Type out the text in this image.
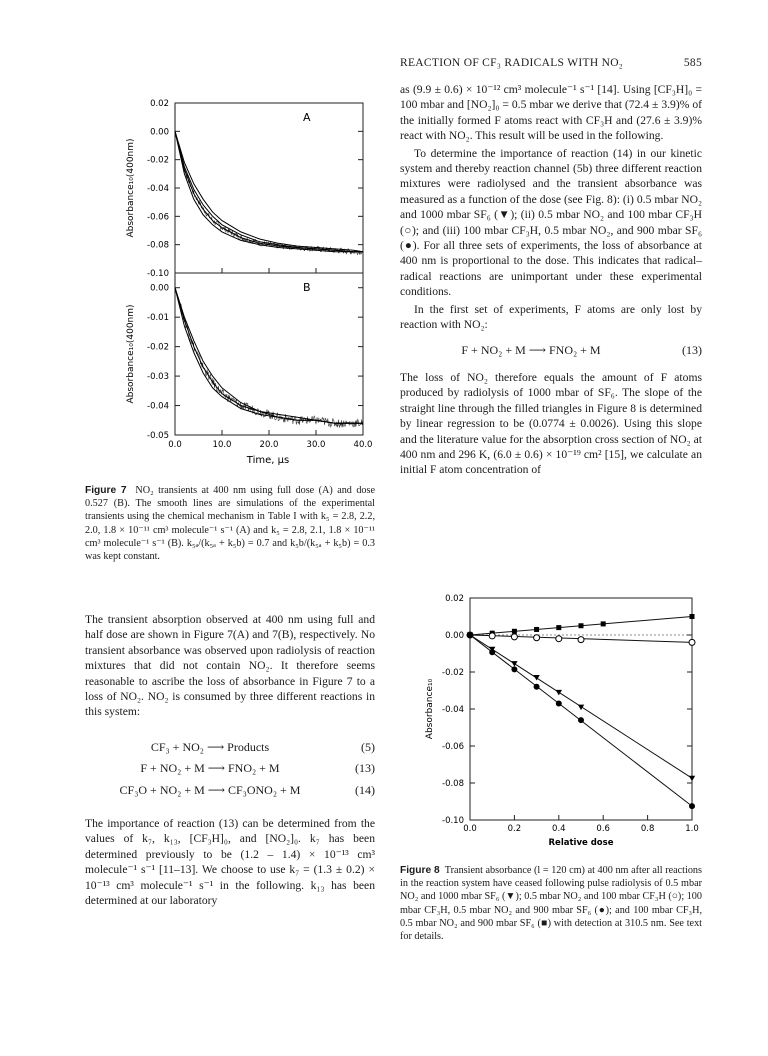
REACTION OF CF₃ RADICALS WITH NO₂	585
0.02
0.00
-0.02
-0.04
-0.06
-0.08
-0.10
A
Absorbance₁₀(400nm)
0.00
-0.01
-0.02
-0.03
-0.04
-0.05
B
Absorbance₁₀(400nm)
0.0	10.0	20.0	30.0	40.0
Time, μs
Figure 7 NO₂ transients at 400 nm using full dose (A) and dose 0.527 (B). The smooth lines are simulations of the experimental transients using the chemical mechanism in Table I with k₅ = 2.8, 2.2, 2.0, 1.8 × 10⁻¹¹ cm³ molecule⁻¹ s⁻¹ (A) and k₅ = 2.8, 2.1, 1.8 × 10⁻¹¹ cm³ molecule⁻¹ s⁻¹ (B). k₅ₐ/(k₅ₐ + k₅b) = 0.7 and k₅b/(k₅ₐ + k₅b) = 0.3 was kept constant.

The transient absorption observed at 400 nm using full and half dose are shown in Figure 7(A) and 7(B), respectively. No transient absorbance was observed upon radiolysis of reaction mixtures that did not contain NO₂. It therefore seems reasonable to ascribe the loss of absorbance in Figure 7 to a loss of NO₂. NO₂ is consumed by three different reactions in this system:

CF₃ + NO₂ ⟶ Products	(5)
F + NO₂ + M ⟶ FNO₂ + M	(13)
CF₃O + NO₂ + M ⟶ CF₃ONO₂ + M	(14)

The importance of reaction (13) can be determined from the values of k₇, k₁₃, [CF₃H]₀, and [NO₂]₀. k₇ has been determined previously to be (1.2 – 1.4) × 10⁻¹³ cm³ molecule⁻¹ s⁻¹ [11–13]. We choose to use k₇ = (1.3 ± 0.2) × 10⁻¹³ cm³ molecule⁻¹ s⁻¹ in the following. k₁₃ has been determined at our laboratory

as (9.9 ± 0.6) × 10⁻¹² cm³ molecule⁻¹ s⁻¹ [14]. Using [CF₃H]₀ = 100 mbar and [NO₂]₀ = 0.5 mbar we derive that (72.4 ± 3.9)% of the initially formed F atoms react with CF₃H and (27.6 ± 3.9)% react with NO₂. This result will be used in the following.

To determine the importance of reaction (14) in our kinetic system and thereby reaction channel (5b) three different reaction mixtures were radiolysed and the transient absorbance was measured as a function of the dose (see Fig. 8): (i) 0.5 mbar NO₂ and 1000 mbar SF₆ (▼); (ii) 0.5 mbar NO₂ and 100 mbar CF₃H (○); and (iii) 100 mbar CF₃H, 0.5 mbar NO₂, and 900 mbar SF₆ (●). For all three sets of experiments, the loss of absorbance at 400 nm is proportional to the dose. This indicates that radical–radical reactions are unimportant under these experimental conditions.

In the first set of experiments, F atoms are only lost by reaction with NO₂:

F + NO₂ + M ⟶ FNO₂ + M	(13)

The loss of NO₂ therefore equals the amount of F atoms produced by radiolysis of 1000 mbar of SF₆. The slope of the straight line through the filled triangles in Figure 8 is determined by linear regression to be (0.0774 ± 0.0026). Using this slope and the literature value for the absorption cross section of NO₂ at 400 nm and 296 K, (6.0 ± 0.6) × 10⁻¹⁹ cm² [15], we calculate an initial F atom concentration of

0.02
0.00
-0.02
-0.04
-0.06
-0.08
-0.10
0.0	0.2	0.4	0.6	0.8	1.0
Relative dose
Absorbance₁₀
Figure 8 Transient absorbance (l = 120 cm) at 400 nm after all reactions in the reaction system have ceased following pulse radiolysis of 0.5 mbar NO₂ and 1000 mbar SF₆ (▼); 0.5 mbar NO₂ and 100 mbar CF₃H (○); 100 mbar CF₃H, 0.5 mbar NO₂ and 900 mbar SF₆ (●); and 100 mbar CF₃H, 0.5 mbar NO₂ and 900 mbar SF₆ (■) with detection at 310.5 nm. See text for details.
